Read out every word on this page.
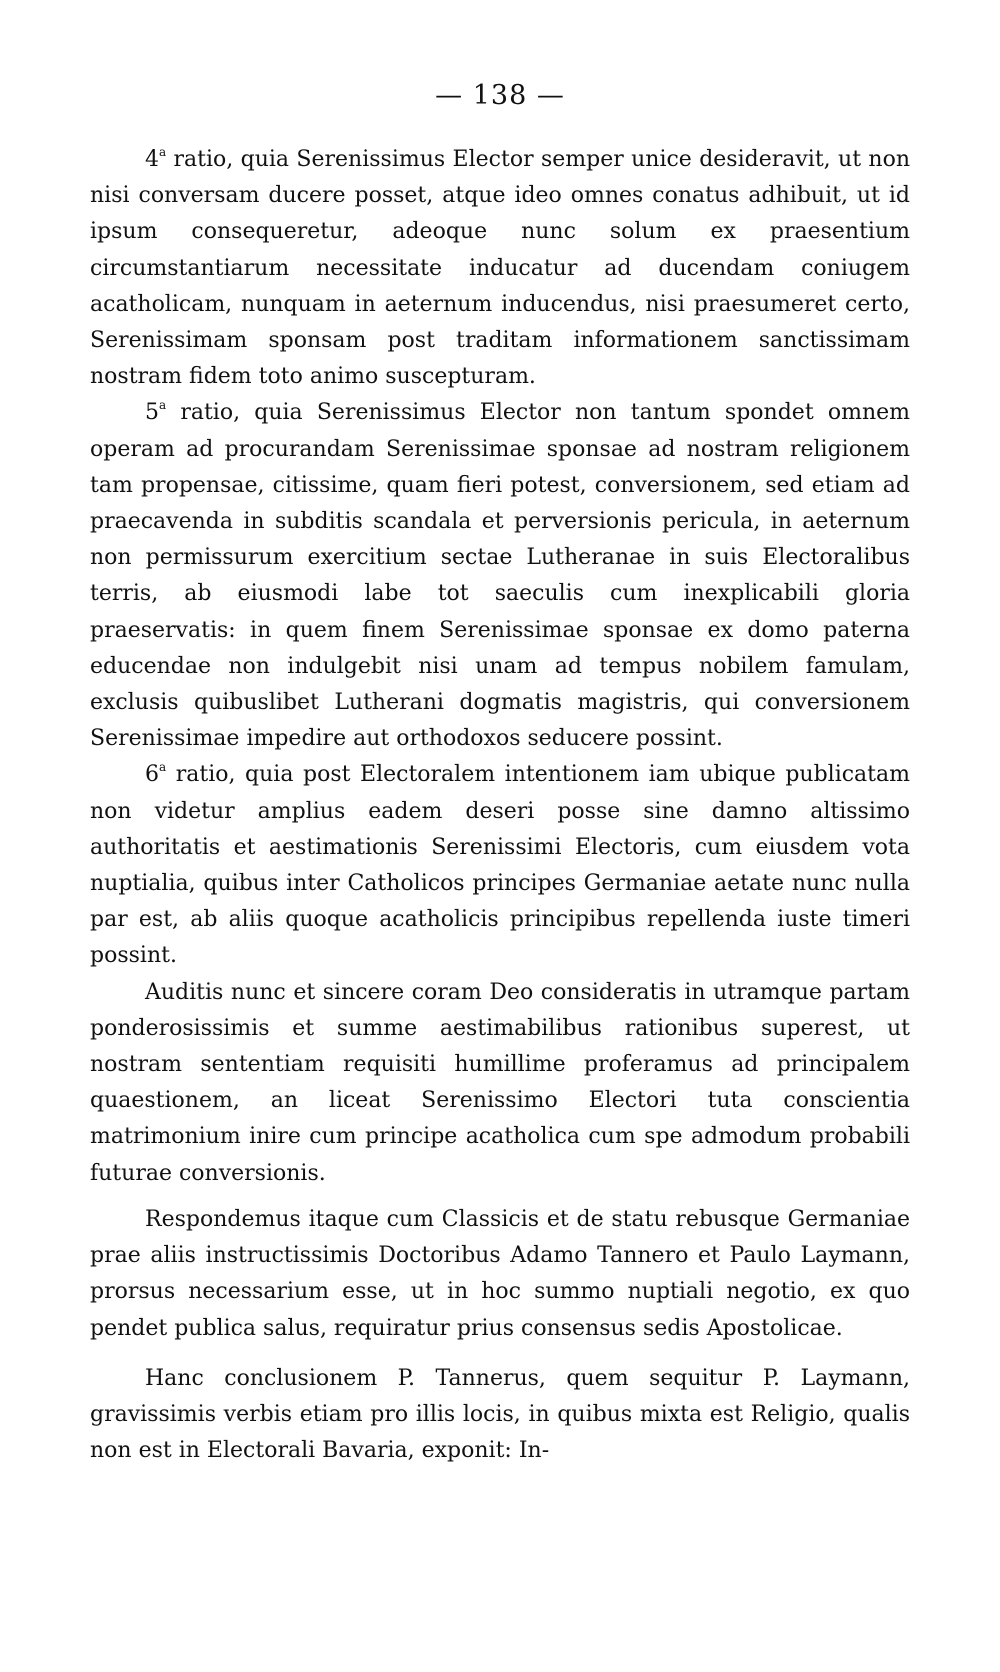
— 138 —

4$^a$ ratio, quia Serenissimus Elector semper unice desideravit, ut non nisi conversam ducere posset, atque ideo omnes conatus adhibuit, ut id ipsum consequeretur, adeoque nunc solum ex praesentium circumstantiarum necessitate inducatur ad ducendam coniugem acatholicam, nunquam in aeternum inducendus, nisi praesumeret certo, Serenissimam sponsam post traditam informationem sanctissimam nostram fidem toto animo suscepturam.

5$^a$ ratio, quia Serenissimus Elector non tantum spondet omnem operam ad procurandam Serenissimae sponsae ad nostram religionem tam propensae, citissime, quam fieri potest, conversionem, sed etiam ad praecavenda in subditis scandala et perversionis pericula, in aeternum non permissurum exercitium sectae Lutheranae in suis Electoralibus terris, ab eiusmodi labe tot saeculis cum inexplicabili gloria praeservatis: in quem finem Serenissimae sponsae ex domo paterna educendae non indulgebit nisi unam ad tempus nobilem famulam, exclusis quibuslibet Lutherani dogmatis magistris, qui conversionem Serenissimae impedire aut orthodoxos seducere possint.

6$^a$ ratio, quia post Electoralem intentionem iam ubique publicatam non videtur amplius eadem deseri posse sine damno altissimo authoritatis et aestimationis Serenissimi Electoris, cum eiusdem vota nuptialia, quibus inter Catholicos principes Germaniae aetate nunc nulla par est, ab aliis quoque acatholicis principibus repellenda iuste timeri possint.

Auditis nunc et sincere coram Deo consideratis in utramque partam ponderosissimis et summe aestimabilibus rationibus superest, ut nostram sententiam requisiti humillime proferamus ad principalem quaestionem, an liceat Serenissimo Electori tuta conscientia matrimonium inire cum principe acatholica cum spe admodum probabili futurae conversionis.

Respondemus itaque cum Classicis et de statu rebusque Germaniae prae aliis instructissimis Doctoribus Adamo Tannero et Paulo Laymann, prorsus necessarium esse, ut in hoc summo nuptiali negotio, ex quo pendet publica salus, requiratur prius consensus sedis Apostolicae.

Hanc conclusionem P. Tannerus, quem sequitur P. Laymann, gravissimis verbis etiam pro illis locis, in quibus mixta est Religio, qualis non est in Electorali Bavaria, exponit: In-
